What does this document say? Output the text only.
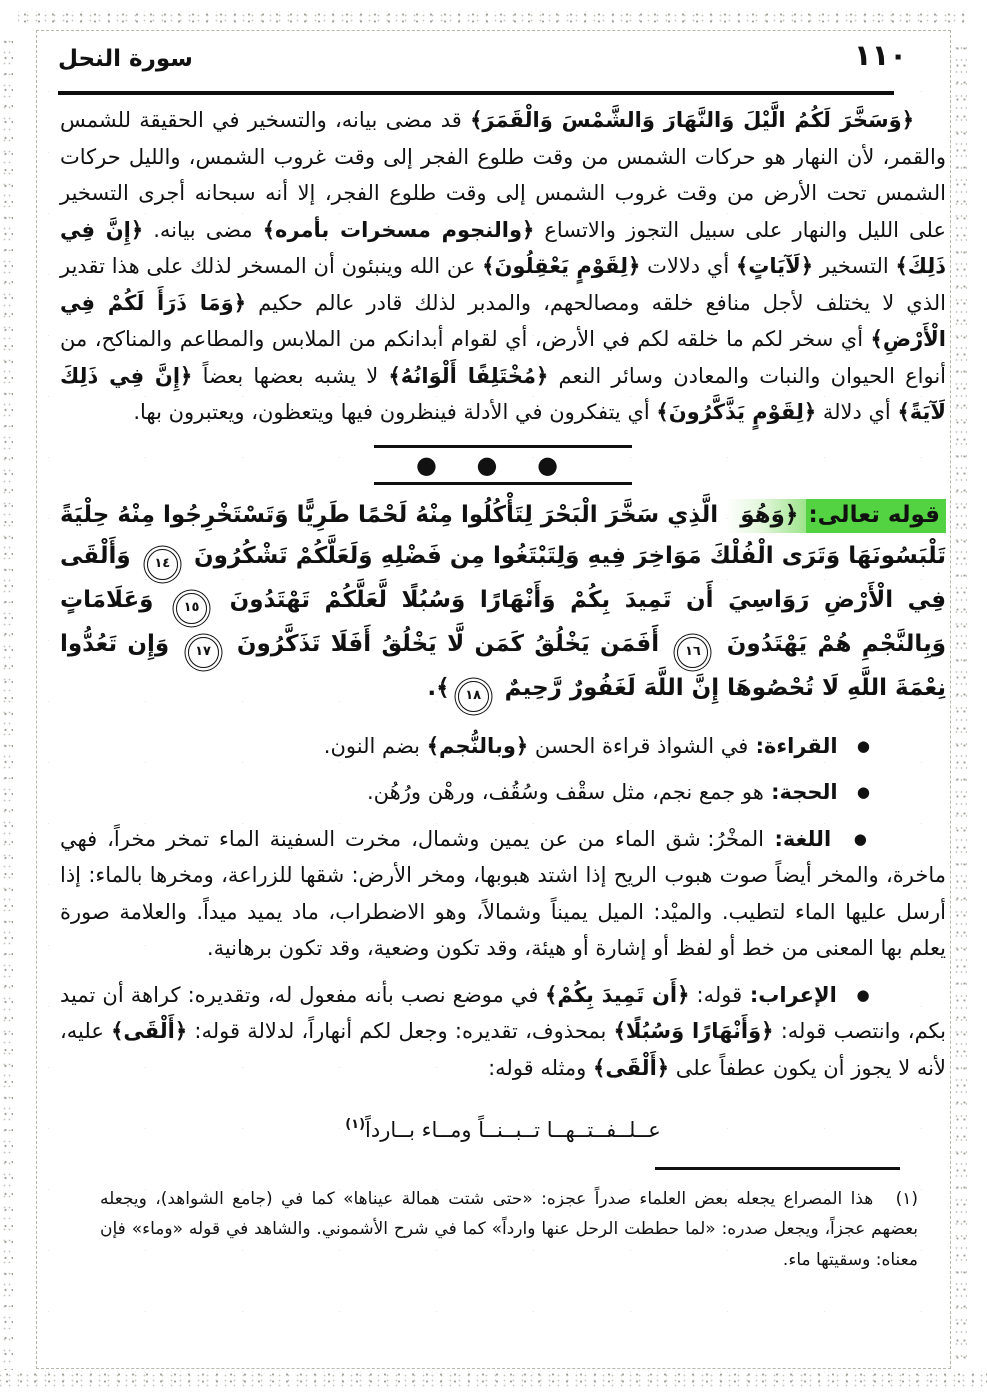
سورة النحل	١١٠

﴿وَسَخَّرَ لَكُمُ الَّيْلَ وَالنَّهَارَ وَالشَّمْسَ وَالْقَمَرَ﴾ قد مضى بيانه، والتسخير في الحقيقة للشمس والقمر، لأن النهار هو حركات الشمس من وقت طلوع الفجر إلى وقت غروب الشمس، والليل حركات الشمس تحت الأرض من وقت غروب الشمس إلى وقت طلوع الفجر، إلا أنه سبحانه أجرى التسخير على الليل والنهار على سبيل التجوز والاتساع ﴿والنجوم مسخرات بأمره﴾ مضى بيانه. ﴿إِنَّ فِي ذَلِكَ﴾ التسخير ﴿لَآيَاتٍ﴾ أي دلالات ﴿لِقَوْمٍ يَعْقِلُونَ﴾ عن الله وينبئون أن المسخر لذلك على هذا تقدير الذي لا يختلف لأجل منافع خلقه ومصالحهم، والمدبر لذلك قادر عالم حكيم ﴿وَمَا ذَرَأَ لَكُمْ فِي الْأَرْضِ﴾ أي سخر لكم ما خلقه لكم في الأرض، أي لقوام أبدانكم من الملابس والمطاعم والمناكح، من أنواع الحيوان والنبات والمعادن وسائر النعم ﴿مُخْتَلِفًا أَلْوَانُهُ﴾ لا يشبه بعضها بعضاً ﴿إِنَّ فِي ذَلِكَ لَآيَةً﴾ أي دلالة ﴿لِقَوْمٍ يَذَّكَّرُونَ﴾ أي يتفكرون في الأدلة فينظرون فيها ويتعظون، ويعتبرون بها.

● ● ●

قوله تعالى: ﴿وَهُوَ الَّذِي سَخَّرَ الْبَحْرَ لِتَأْكُلُوا مِنْهُ لَحْمًا طَرِيًّا وَتَسْتَخْرِجُوا مِنْهُ حِلْيَةً تَلْبَسُونَهَا وَتَرَى الْفُلْكَ مَوَاخِرَ فِيهِ وَلِتَبْتَغُوا مِن فَضْلِهِ وَلَعَلَّكُمْ تَشْكُرُونَ ١٤ وَأَلْقَى فِي الْأَرْضِ رَوَاسِيَ أَن تَمِيدَ بِكُمْ وَأَنْهَارًا وَسُبُلًا لَّعَلَّكُمْ تَهْتَدُونَ ١٥ وَعَلَامَاتٍ وَبِالنَّجْمِ هُمْ يَهْتَدُونَ ١٦ أَفَمَن يَخْلُقُ كَمَن لَّا يَخْلُقُ أَفَلَا تَذَكَّرُونَ ١٧ وَإِن تَعُدُّوا نِعْمَةَ اللَّهِ لَا تُحْصُوهَا إِنَّ اللَّهَ لَغَفُورٌ رَّحِيمٌ ١٨﴾.

● القراءة: في الشواذ قراءة الحسن ﴿وبالنُّجم﴾ بضم النون.

● الحجة: هو جمع نجم، مثل سقْف وسُقُف، ورهْن ورُهُن.

● اللغة: المخْرُ: شق الماء من عن يمين وشمال، مخرت السفينة الماء تمخر مخراً، فهي ماخرة، والمخر أيضاً صوت هبوب الريح إذا اشتد هبوبها، ومخر الأرض: شقها للزراعة، ومخرها بالماء: إذا أرسل عليها الماء لتطيب. والميْد: الميل يميناً وشمالاً، وهو الاضطراب، ماد يميد ميداً. والعلامة صورة يعلم بها المعنى من خط أو لفظ أو إشارة أو هيئة، وقد تكون وضعية، وقد تكون برهانية.

● الإعراب: قوله: ﴿أَن تَمِيدَ بِكُمْ﴾ في موضع نصب بأنه مفعول له، وتقديره: كراهة أن تميد بكم، وانتصب قوله: ﴿وَأَنْهَارًا وَسُبُلًا﴾ بمحذوف، تقديره: وجعل لكم أنهاراً، لدلالة قوله: ﴿أَلْقَى﴾ عليه، لأنه لا يجوز أن يكون عطفاً على ﴿أَلْقَى﴾ ومثله قوله:

عــلــفــتــهــا تــبــنــاً ومــاء بــارداً$^{(١)}$

(١) هذا المصراع يجعله بعض العلماء صدراً عجزه: «حتى شتت همالة عيناها» كما في (جامع الشواهد)، ويجعله بعضهم عجزاً، ويجعل صدره: «لما حططت الرحل عنها وارداً» كما في شرح الأشموني. والشاهد في قوله «وماء» فإن معناه: وسقيتها ماء.
